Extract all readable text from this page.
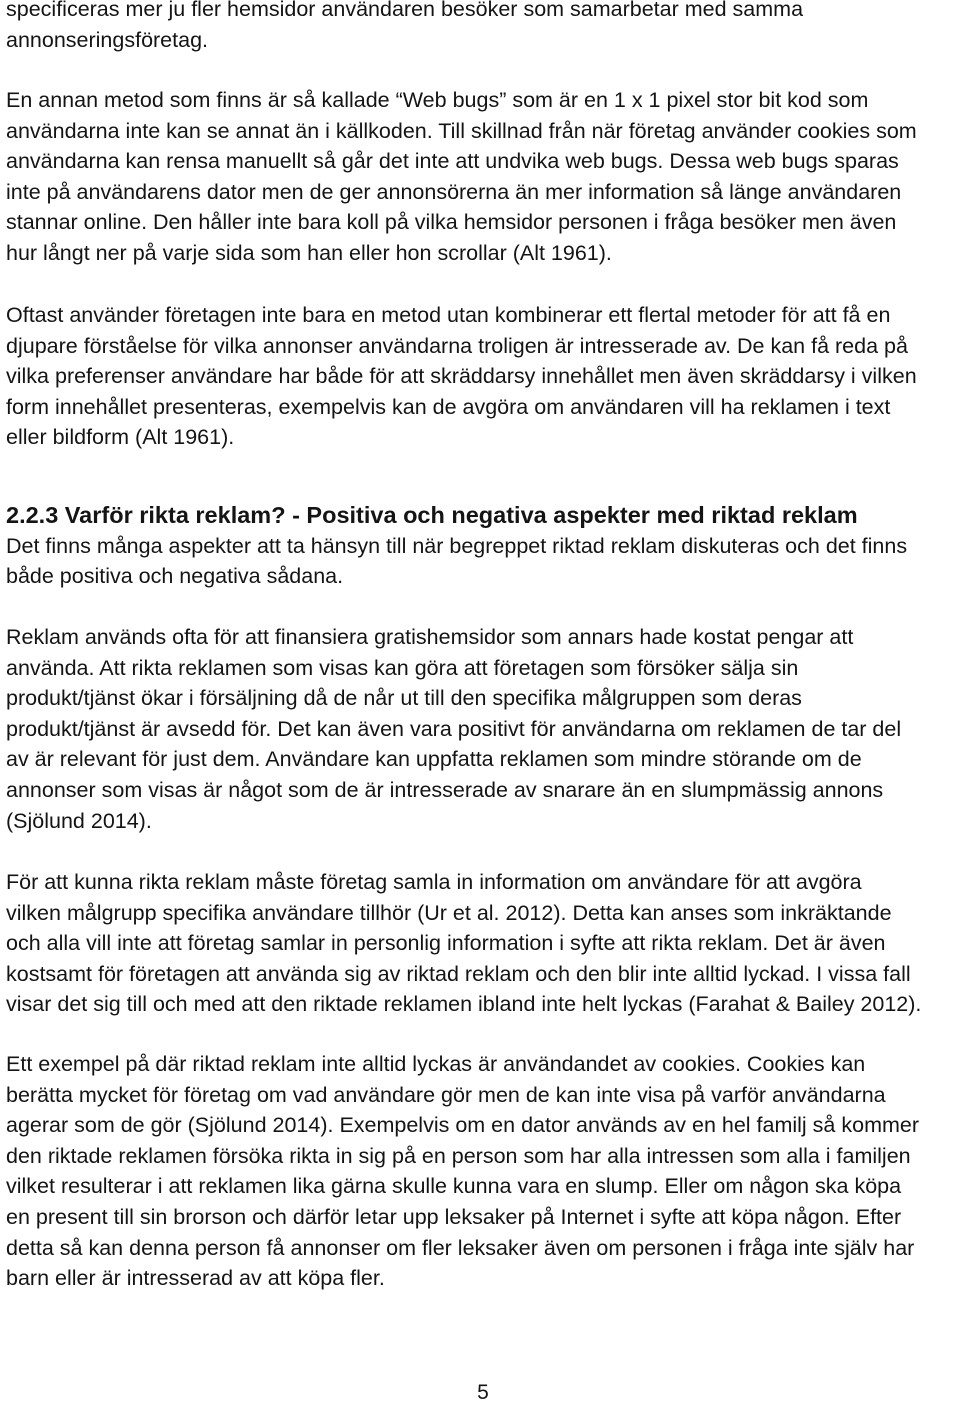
specificeras mer ju fler hemsidor användaren besöker som samarbetar med samma
annonseringsföretag.
En annan metod som finns är så kallade “Web bugs” som är en 1 x 1 pixel stor bit kod som
användarna inte kan se annat än i källkoden. Till skillnad från när företag använder cookies som
användarna kan rensa manuellt så går det inte att undvika web bugs. Dessa web bugs sparas
inte på användarens dator men de ger annonsörerna än mer information så länge användaren
stannar online. Den håller inte bara koll på vilka hemsidor personen i fråga besöker men även
hur långt ner på varje sida som han eller hon scrollar (Alt 1961).
Oftast använder företagen inte bara en metod utan kombinerar ett flertal metoder för att få en
djupare förståelse för vilka annonser användarna troligen är intresserade av. De kan få reda på
vilka preferenser användare har både för att skräddarsy innehållet men även skräddarsy i vilken
form innehållet presenteras, exempelvis kan de avgöra om användaren vill ha reklamen i text
eller bildform (Alt 1961).
2.2.3 Varför rikta reklam? - Positiva och negativa aspekter med riktad reklam
Det finns många aspekter att ta hänsyn till när begreppet riktad reklam diskuteras och det finns
både positiva och negativa sådana.
Reklam används ofta för att finansiera gratishemsidor som annars hade kostat pengar att
använda. Att rikta reklamen som visas kan göra att företagen som försöker sälja sin
produkt/tjänst ökar i försäljning då de når ut till den specifika målgruppen som deras
produkt/tjänst är avsedd för. Det kan även vara positivt för användarna om reklamen de tar del
av är relevant för just dem. Användare kan uppfatta reklamen som mindre störande om de
annonser som visas är något som de är intresserade av snarare än en slumpmässig annons
(Sjölund 2014).
För att kunna rikta reklam måste företag samla in information om användare för att avgöra
vilken målgrupp specifika användare tillhör (Ur et al. 2012). Detta kan anses som inkräktande
och alla vill inte att företag samlar in personlig information i syfte att rikta reklam. Det är även
kostsamt för företagen att använda sig av riktad reklam och den blir inte alltid lyckad. I vissa fall
visar det sig till och med att den riktade reklamen ibland inte helt lyckas (Farahat & Bailey 2012).
Ett exempel på där riktad reklam inte alltid lyckas är användandet av cookies. Cookies kan
berätta mycket för företag om vad användare gör men de kan inte visa på varför användarna
agerar som de gör (Sjölund 2014). Exempelvis om en dator används av en hel familj så kommer
den riktade reklamen försöka rikta in sig på en person som har alla intressen som alla i familjen
vilket resulterar i att reklamen lika gärna skulle kunna vara en slump. Eller om någon ska köpa
en present till sin brorson och därför letar upp leksaker på Internet i syfte att köpa någon. Efter
detta så kan denna person få annonser om fler leksaker även om personen i fråga inte själv har
barn eller är intresserad av att köpa fler.
5
